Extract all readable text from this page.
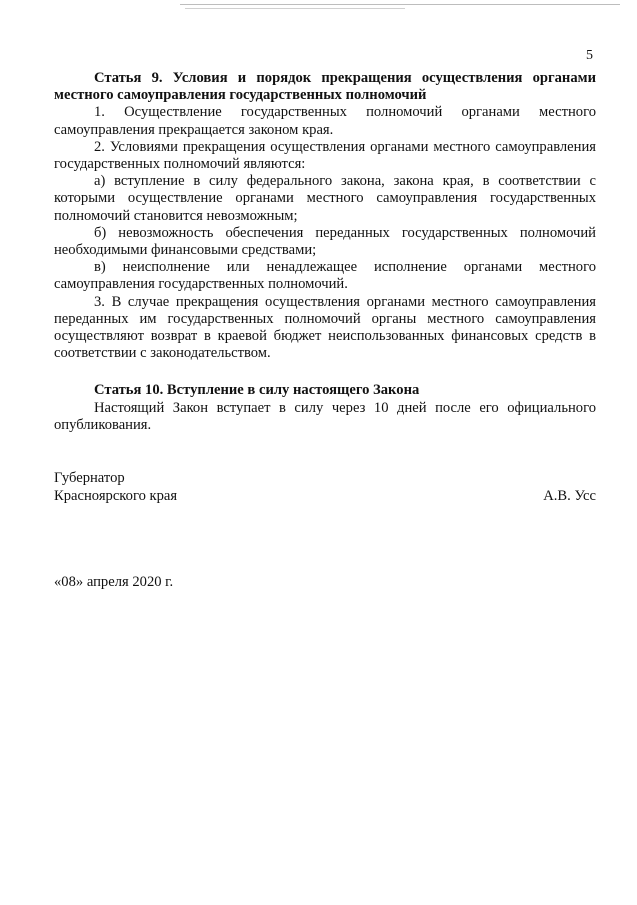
5

Статья 9. Условия и порядок прекращения осуществления органами местного самоуправления государственных полномочий

1. Осуществление государственных полномочий органами местного самоуправления прекращается законом края.

2. Условиями прекращения осуществления органами местного самоуправления государственных полномочий являются:

а) вступление в силу федерального закона, закона края, в соответствии с которыми осуществление органами местного самоуправления государственных полномочий становится невозможным;

б) невозможность обеспечения переданных государственных полномочий необходимыми финансовыми средствами;

в) неисполнение или ненадлежащее исполнение органами местного самоуправления государственных полномочий.

3. В случае прекращения осуществления органами местного самоуправления переданных им государственных полномочий органы местного самоуправления осуществляют возврат в краевой бюджет неиспользованных финансовых средств в соответствии с законодательством.

Статья 10. Вступление в силу настоящего Закона

Настоящий Закон вступает в силу через 10 дней после его официального опубликования.

Губернатор
Красноярского края	А.В. Усс
«08» апреля 2020 г.
